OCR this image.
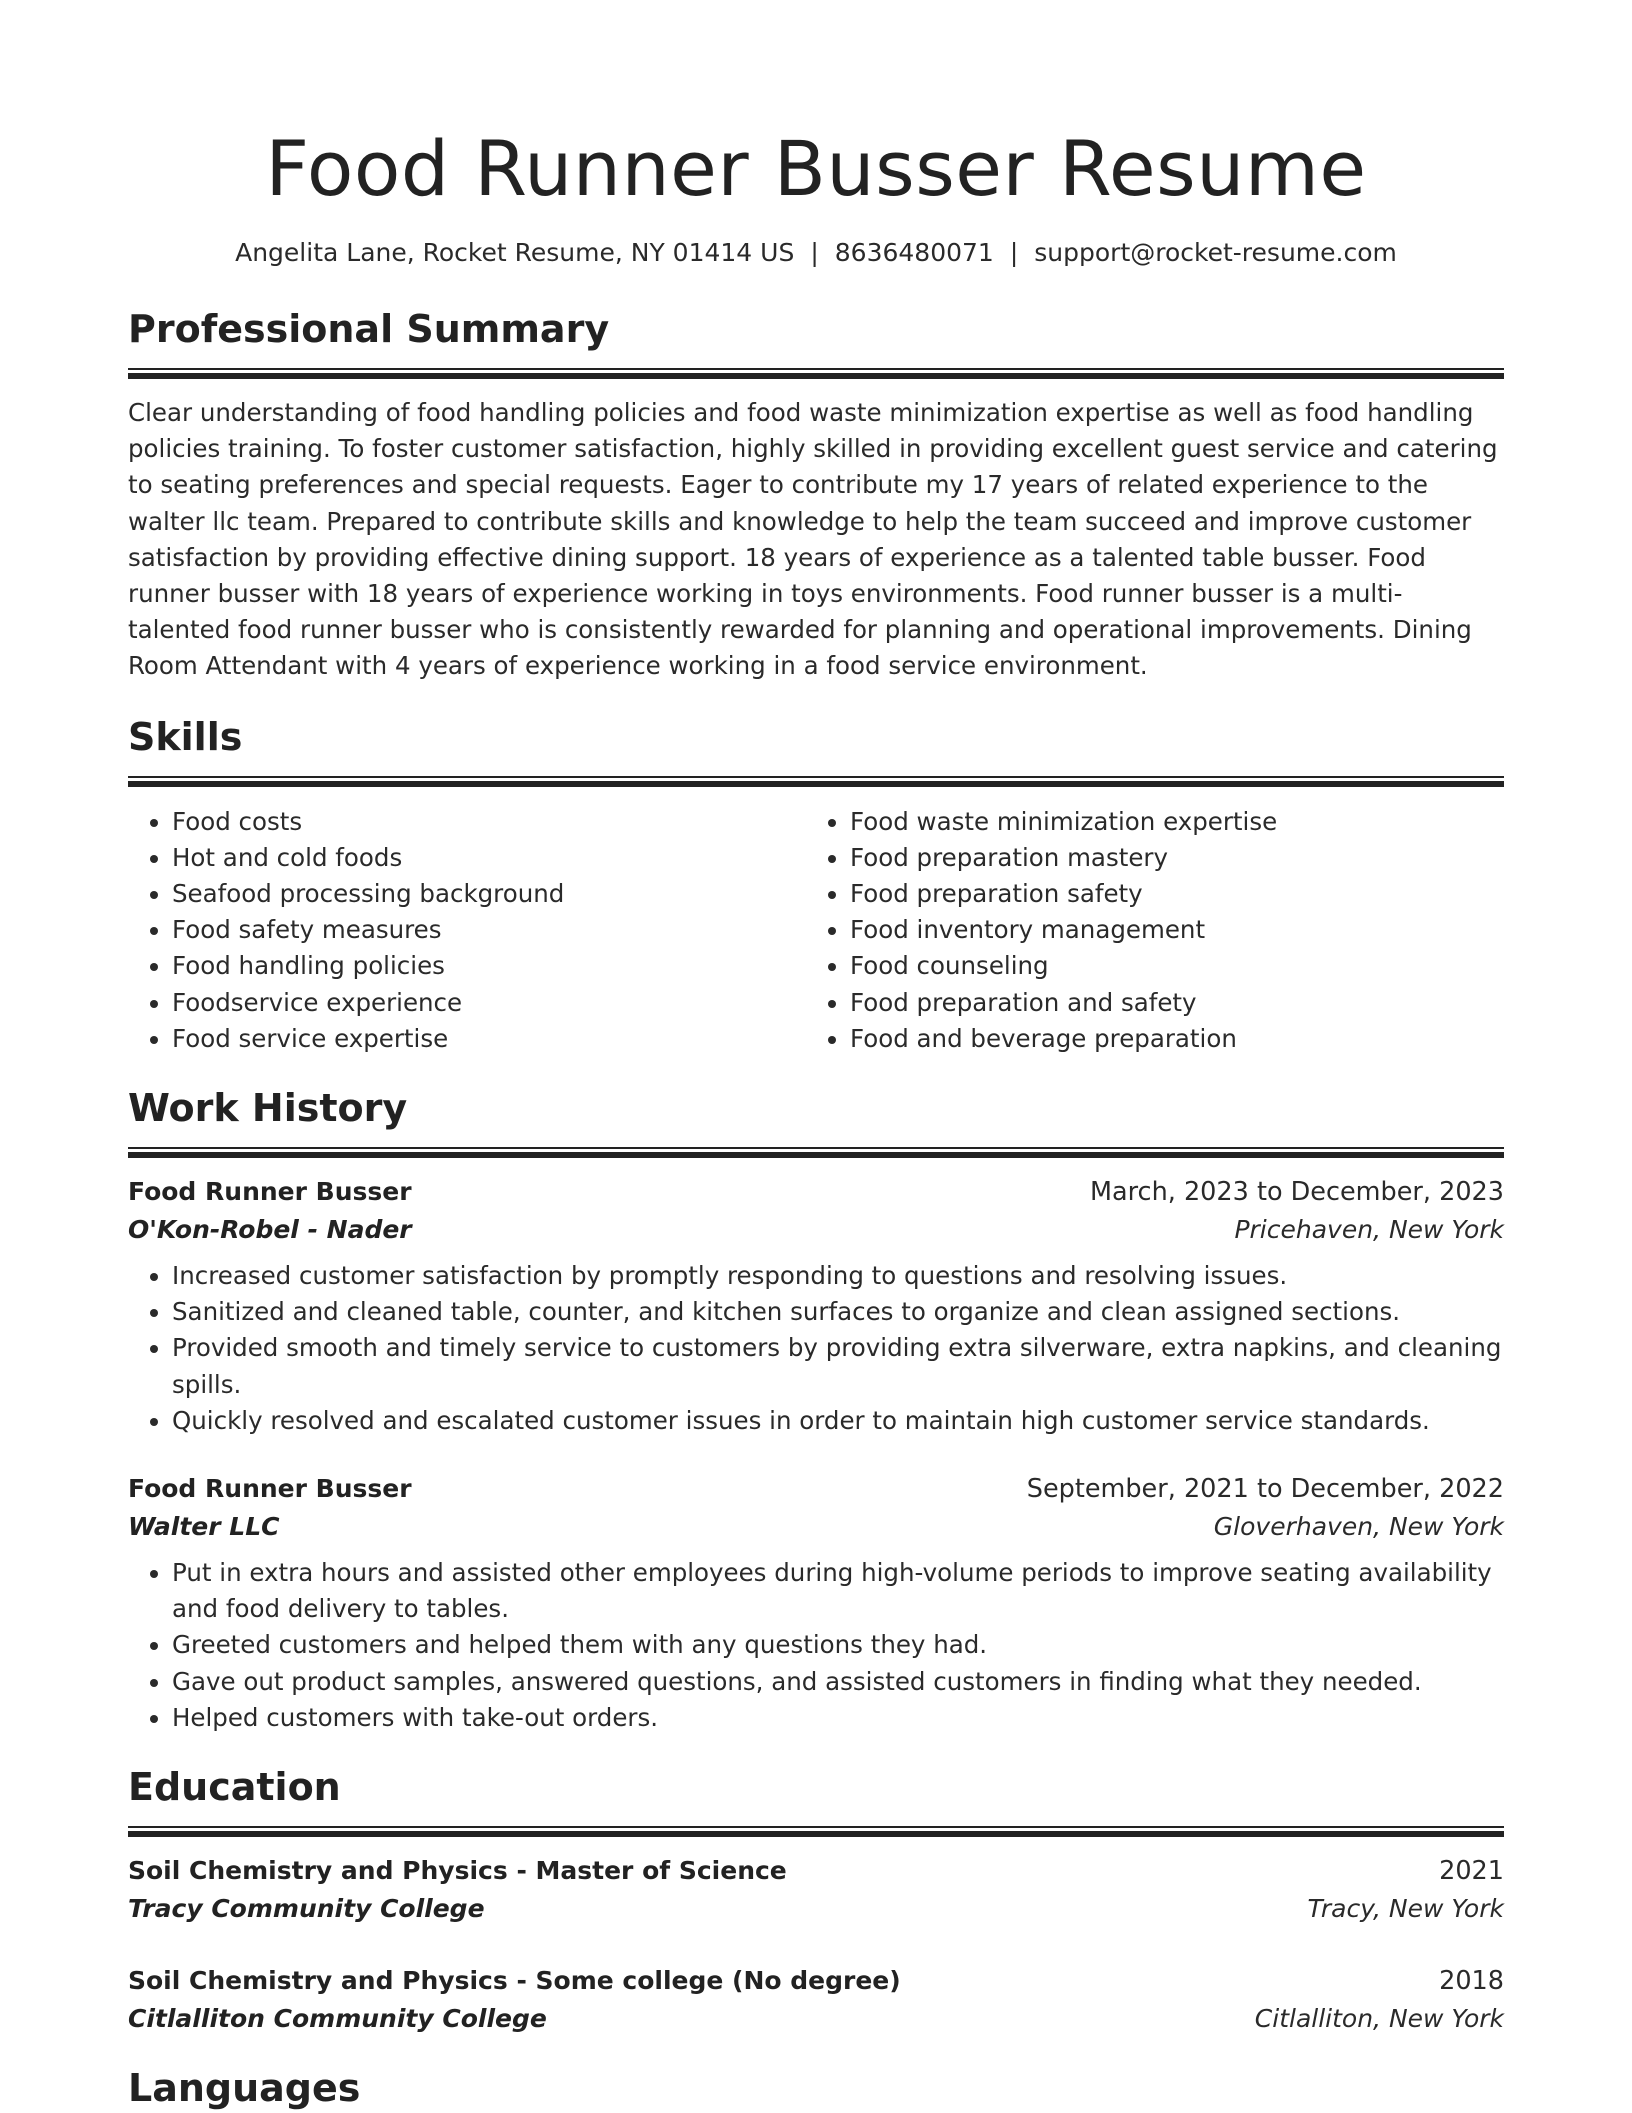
Food Runner Busser Resume
Angelita Lane, Rocket Resume, NY 01414 US | 8636480071 | support@rocket-resume.com
Professional Summary
Clear understanding of food handling policies and food waste minimization expertise as well as food handling policies training. To foster customer satisfaction, highly skilled in providing excellent guest service and catering to seating preferences and special requests. Eager to contribute my 17 years of related experience to the walter llc team. Prepared to contribute skills and knowledge to help the team succeed and improve customer satisfaction by providing effective dining support. 18 years of experience as a talented table busser. Food runner busser with 18 years of experience working in toys environments. Food runner busser is a multi-talented food runner busser who is consistently rewarded for planning and operational improvements. Dining Room Attendant with 4 years of experience working in a food service environment.
Skills
• Food costs
• Hot and cold foods
• Seafood processing background
• Food safety measures
• Food handling policies
• Foodservice experience
• Food service expertise
• Food waste minimization expertise
• Food preparation mastery
• Food preparation safety
• Food inventory management
• Food counseling
• Food preparation and safety
• Food and beverage preparation
Work History
Food Runner Busser	March, 2023 to December, 2023
O'Kon-Robel - Nader	Pricehaven, New York
• Increased customer satisfaction by promptly responding to questions and resolving issues.
• Sanitized and cleaned table, counter, and kitchen surfaces to organize and clean assigned sections.
• Provided smooth and timely service to customers by providing extra silverware, extra napkins, and cleaning spills.
• Quickly resolved and escalated customer issues in order to maintain high customer service standards.
Food Runner Busser	September, 2021 to December, 2022
Walter LLC	Gloverhaven, New York
• Put in extra hours and assisted other employees during high-volume periods to improve seating availability and food delivery to tables.
• Greeted customers and helped them with any questions they had.
• Gave out product samples, answered questions, and assisted customers in finding what they needed.
• Helped customers with take-out orders.
Education
Soil Chemistry and Physics - Master of Science	2021
Tracy Community College	Tracy, New York
Soil Chemistry and Physics - Some college (No degree)	2018
Citlalliton Community College	Citlalliton, New York
Languages
